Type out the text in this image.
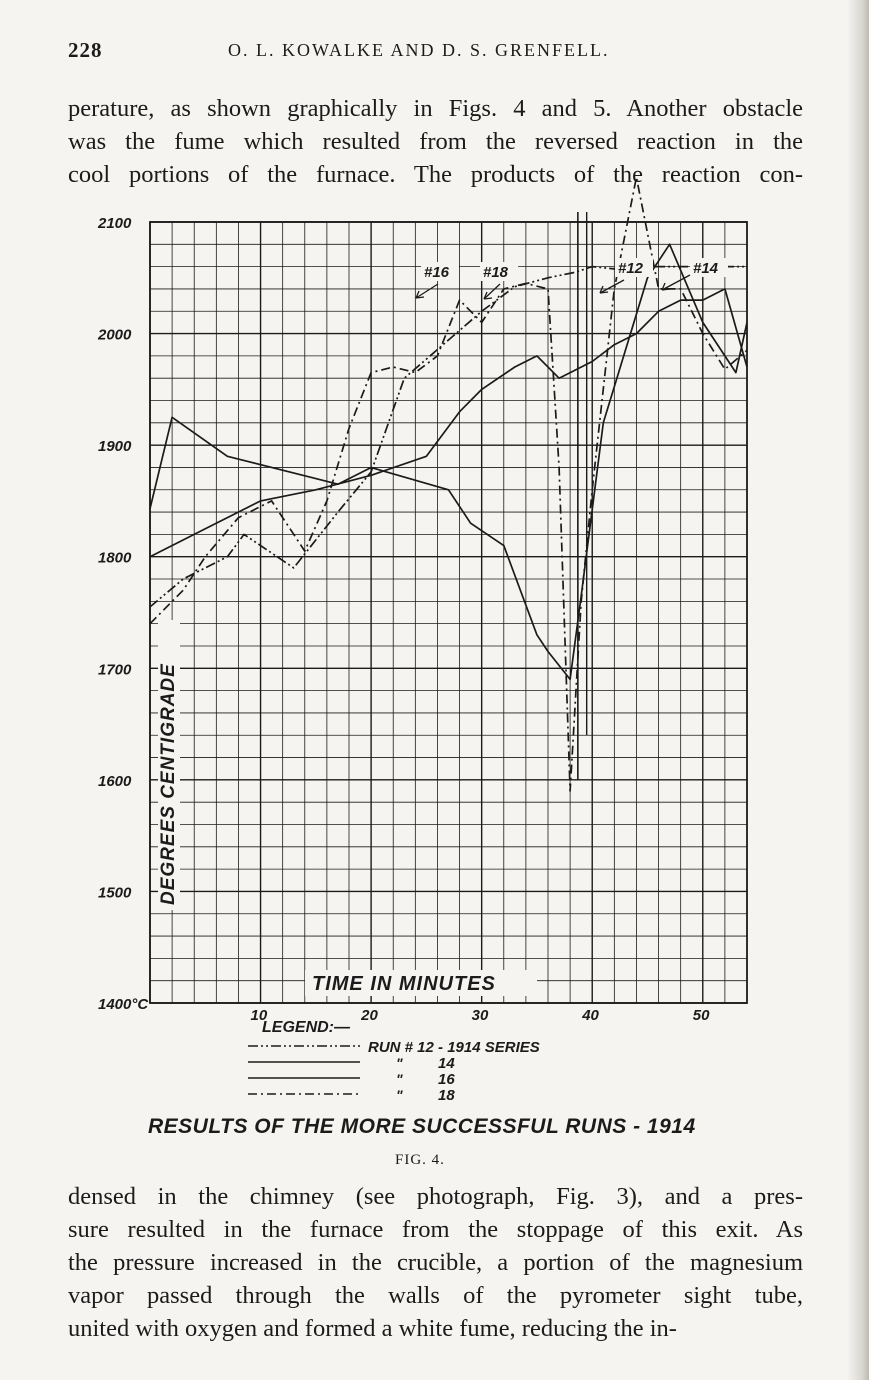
228	O. L. KOWALKE AND D. S. GRENFELL.

perature, as shown graphically in Figs. 4 and 5. Another obstacle
was the fume which resulted from the reversed reaction in the
cool portions of the furnace. The products of the reaction con-

1400°C
1500
1600
1700
1800
1900
2000
2100
10	20	30	40	50
DEGREES CENTIGRADE
TIME IN MINUTES
#16 #18	#12	#14
LEGEND:—
RUN # 12 - 1914 SERIES
" 14
" 16
" 18
RESULTS OF THE MORE SUCCESSFUL RUNS - 1914
FIG. 4.

densed in the chimney (see photograph, Fig. 3), and a pres-
sure resulted in the furnace from the stoppage of this exit. As
the pressure increased in the crucible, a portion of the magnesium
vapor passed through the walls of the pyrometer sight tube,
united with oxygen and formed a white fume, reducing the in-
